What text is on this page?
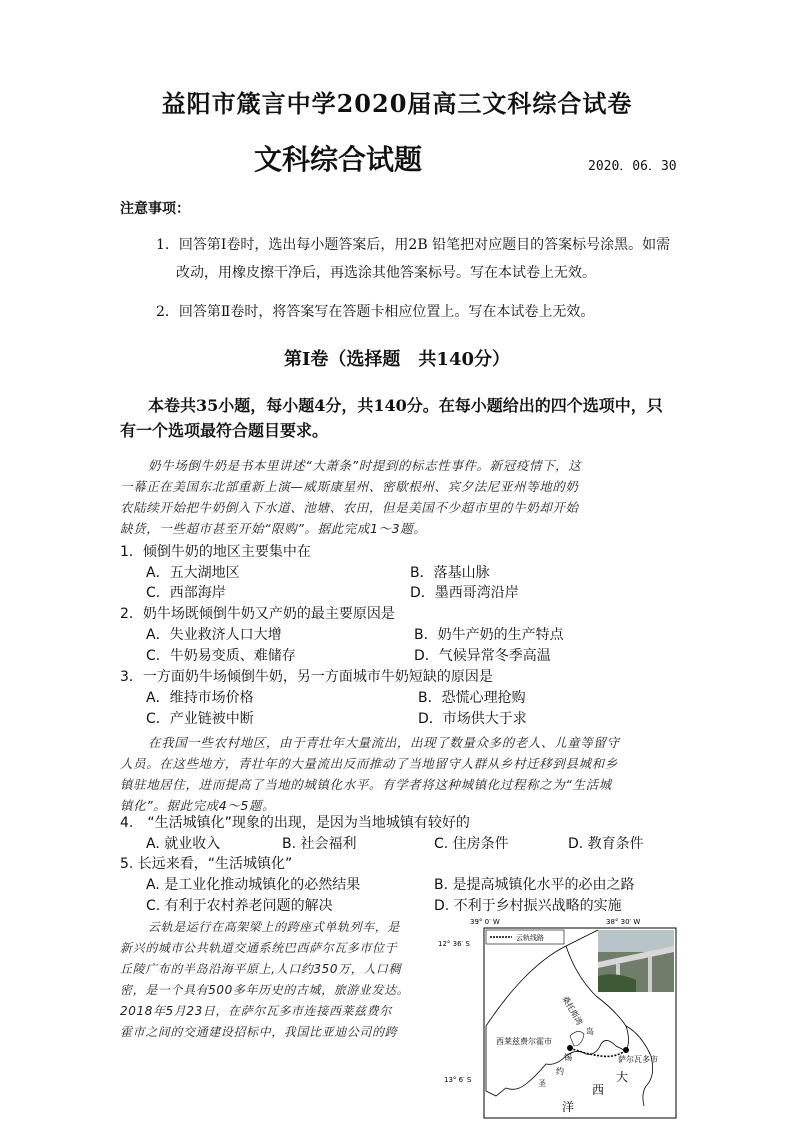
益阳市箴言中学2020届高三文科综合试卷
文科综合试题	2020．06．30
注意事项：
1．回答第Ⅰ卷时，选出每小题答案后，用2B 铅笔把对应题目的答案标号涂黑。如需
改动，用橡皮擦干净后，再选涂其他答案标号。写在本试卷上无效。
2．回答第Ⅱ卷时，将答案写在答题卡相应位置上。写在本试卷上无效。
第Ⅰ卷（选择题　共140分）
本卷共35小题，每小题4分，共140分。在每小题给出的四个选项中，只
有一个选项最符合题目要求。
奶牛场倒牛奶是书本里讲述“大萧条”时提到的标志性事件。新冠疫情下，这
一幕正在美国东北部重新上演—威斯康星州、密歇根州、宾夕法尼亚州等地的奶
农陆续开始把牛奶倒入下水道、池塘、农田，但是美国不少超市里的牛奶却开始
缺货，一些超市甚至开始“限购”。据此完成1～3题。
1．倾倒牛奶的地区主要集中在
A．五大湖地区	B．落基山脉
C．西部海岸	D．墨西哥湾沿岸
2．奶牛场既倾倒牛奶又产奶的最主要原因是
A．失业救济人口大增	B．奶牛产奶的生产特点
C．牛奶易变质、难储存	D．气候异常冬季高温
3．一方面奶牛场倾倒牛奶，另一方面城市牛奶短缺的原因是
A．维持市场价格	B．恐慌心理抢购
C．产业链被中断	D．市场供大于求
在我国一些农村地区，由于青壮年大量流出，出现了数量众多的老人、儿童等留守
人员。在这些地方，青壮年的大量流出反而推动了当地留守人群从乡村迁移到县城和乡
镇驻地居住，进而提高了当地的城镇化水平。有学者将这种城镇化过程称之为“生活城
镇化”。据此完成4～5题。
4.　“生活城镇化”现象的出现，是因为当地城镇有较好的
A. 就业收入	B. 社会福利	C. 住房条件	D. 教育条件
5. 长远来看，“生活城镇化”
A. 是工业化推动城镇化的必然结果	B. 是提高城镇化水平的必由之路
C. 有利于农村养老问题的解决	D. 不利于乡村振兴战略的实施
云轨是运行在高架梁上的跨座式单轨列车，是
新兴的城市公共轨道交通系统巴西萨尔瓦多市位于
丘陵广布的半岛沿海平原上,人口约350万，人口稠
密，是一个具有500多年历史的古城，旅游业发达。
2018年5月23日，在萨尔瓦多市连接西莱兹费尔
霍市之间的交通建设招标中，我国比亚迪公司的跨
39° 0′ W	38° 30′ W
12° 36′ S
13° 6′ S
云轨线路
桑托斯湾
西莱兹费尔霍市
萨尔瓦多市
岛
锡
约
圣	大
西
洋
